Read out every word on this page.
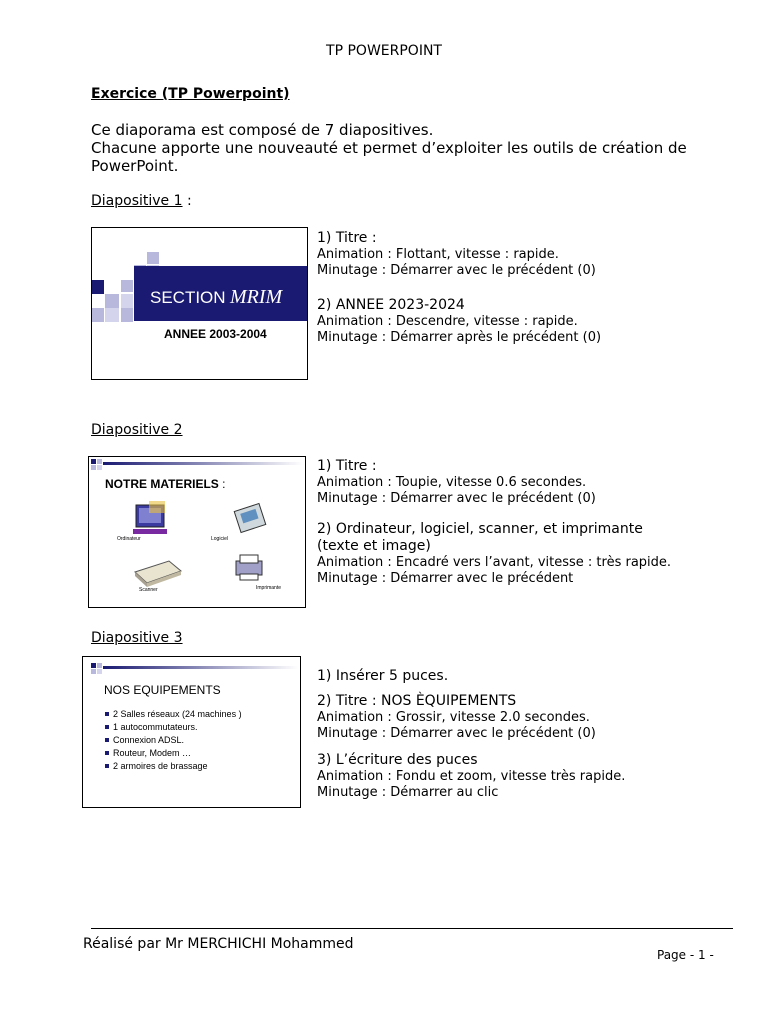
TP POWERPOINT
Exercice (TP Powerpoint)
Ce diaporama est composé de 7 diapositives.
Chacune apporte une nouveauté et permet d’exploiter les outils de création de PowerPoint.
Diapositive 1 :
SECTION MRIM
ANNEE 2003-2004
1) Titre :
Animation : Flottant, vitesse : rapide.
Minutage : Démarrer avec le précédent (0)
2) ANNEE 2023-2024
Animation : Descendre, vitesse : rapide.
Minutage : Démarrer après le précédent (0)
Diapositive 2
NOTRE MATERIELS :
Ordinateur	Logiciel
Scanner	Imprimante
1) Titre :
Animation : Toupie, vitesse 0.6 secondes.
Minutage : Démarrer avec le précédent (0)
2) Ordinateur, logiciel, scanner, et imprimante (texte et image)
Animation : Encadré vers l’avant, vitesse : très rapide.
Minutage : Démarrer avec le précédent
Diapositive 3
NOS EQUIPEMENTS
2 Salles réseaux (24 machines )
1 autocommutateurs.
Connexion ADSL.
Routeur, Modem …
2 armoires de brassage
1) Insérer 5 puces.
2) Titre : NOS ÈQUIPEMENTS
Animation : Grossir, vitesse 2.0 secondes.
Minutage : Démarrer avec le précédent (0)
3) L’écriture des puces
Animation : Fondu et zoom, vitesse très rapide.
Minutage : Démarrer au clic
Réalisé par Mr MERCHICHI Mohammed
Page - 1 -
